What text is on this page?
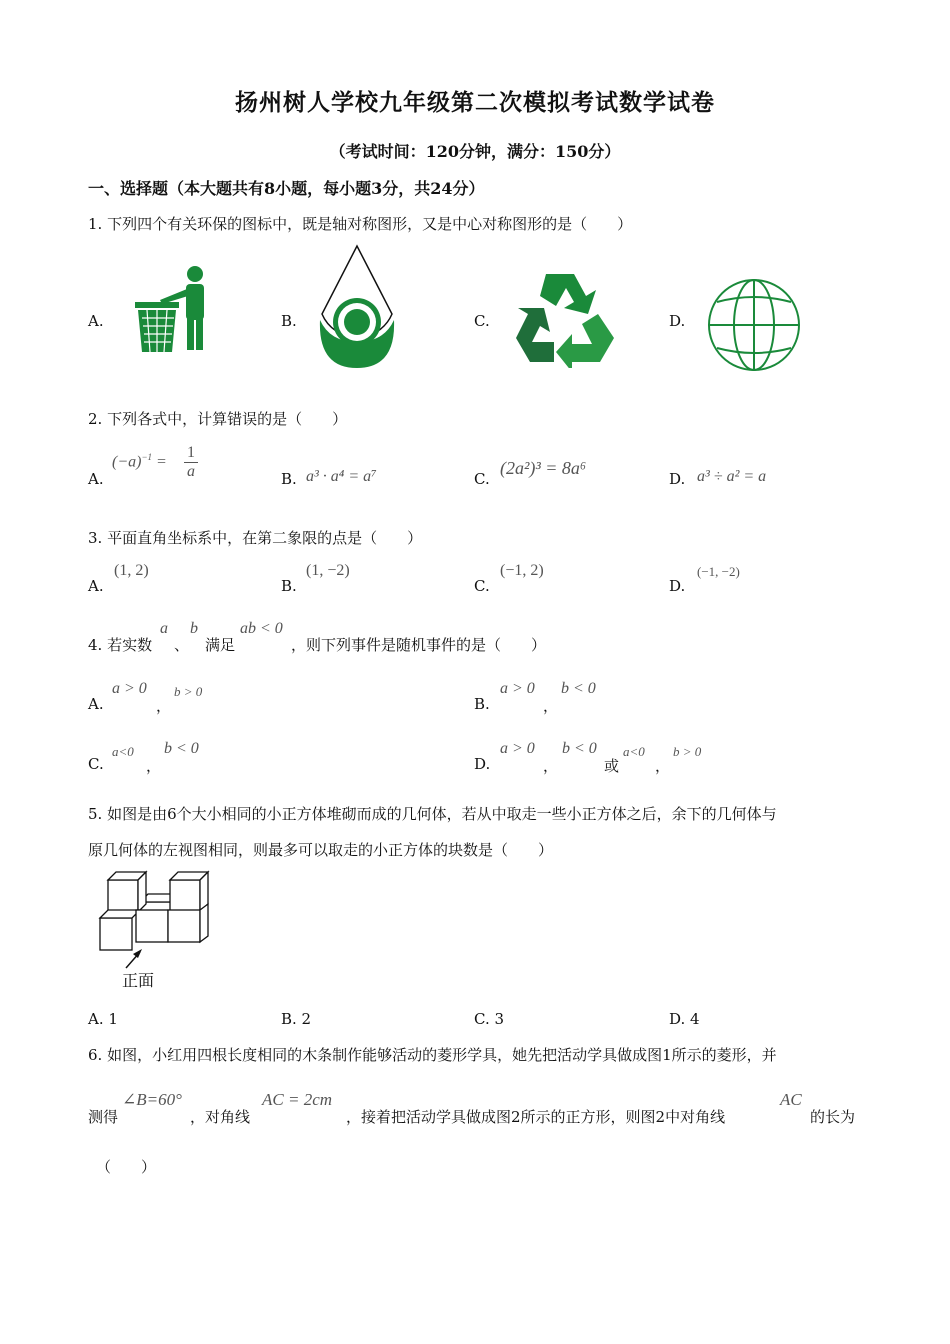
扬州树人学校九年级第二次模拟考试数学试卷
（考试时间：120分钟，满分：150分）
一、选择题（本大题共有8小题，每小题3分，共24分）
1. 下列四个有关环保的图标中，既是轴对称图形，又是中心对称图形的是（　　）
A.	B.	C.	D.
2. 下列各式中，计算错误的是（　　）
A.
$(-a)^{-1}$ =
1
a	B. a³ · a⁴ = a⁷	C.
(2a²)³ = 8a⁶
D. a³ ÷ a² = a
3. 平面直角坐标系中，在第二象限的点是（　　）
A.
(1, 2)
B.
(1, −2)
C.
(−1, 2)
D.
(−1, −2)
4. 若实数
a
、
b
满足
ab < 0
，则下列事件是随机事件的是（　　）
A.
a > 0
，
b > 0
B.
a > 0
，
b < 0
C.
a<0
，
b < 0
D.
a > 0
，
b < 0
或
a<0
，
b > 0
5. 如图是由6个大小相同的小正方体堆砌而成的几何体，若从中取走一些小正方体之后，余下的几何体与
原几何体的左视图相同，则最多可以取走的小正方体的块数是（　　）
正面
A. 1	B. 2	C. 3	D. 4
6. 如图，小红用四根长度相同的木条制作能够活动的菱形学具，她先把活动学具做成图1所示的菱形，并
测得
∠B=60°
，对角线
AC = 2cm
，接着把活动学具做成图2所示的正方形，则图2中对角线
AC
的长为
（　　）
